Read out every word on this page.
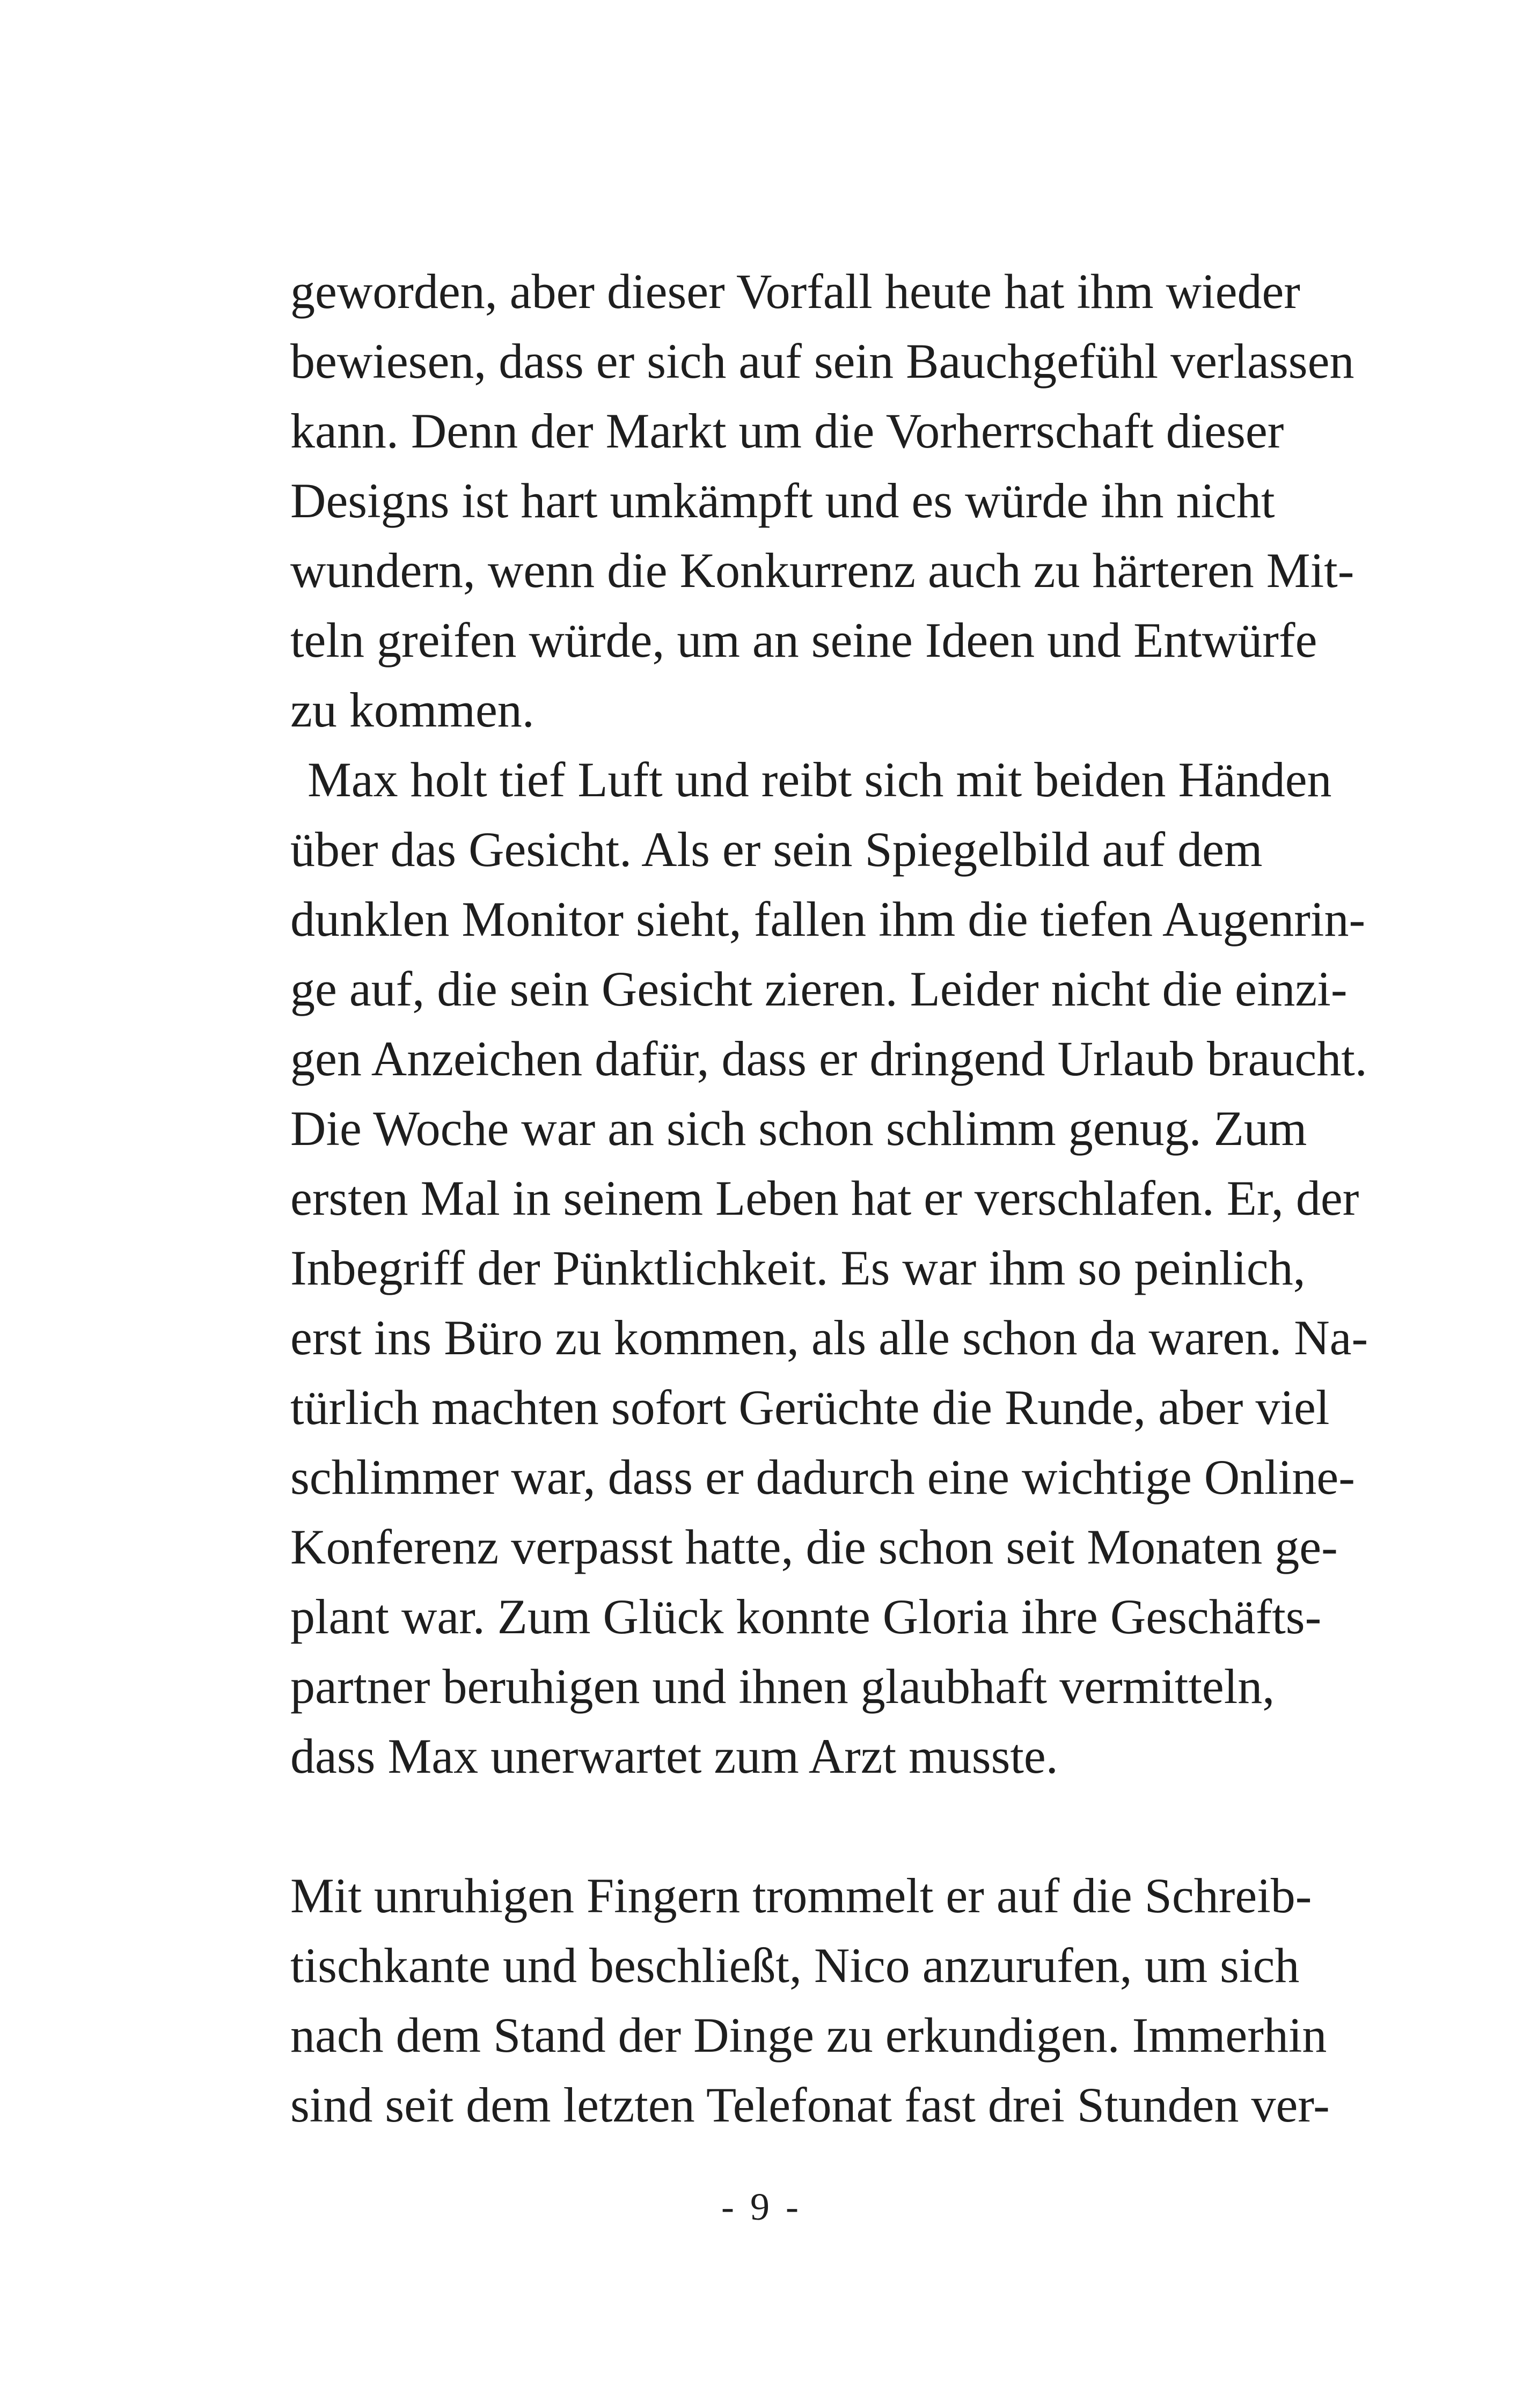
geworden, aber dieser Vorfall heute hat ihm wieder
bewiesen, dass er sich auf sein Bauchgefühl verlassen
kann. Denn der Markt um die Vorherrschaft dieser
Designs ist hart umkämpft und es würde ihn nicht
wundern, wenn die Konkurrenz auch zu härteren Mit-
teln greifen würde, um an seine Ideen und Entwürfe
zu kommen.
Max holt tief Luft und reibt sich mit beiden Händen
über das Gesicht. Als er sein Spiegelbild auf dem
dunklen Monitor sieht, fallen ihm die tiefen Augenrin-
ge auf, die sein Gesicht zieren. Leider nicht die einzi-
gen Anzeichen dafür, dass er dringend Urlaub braucht.
Die Woche war an sich schon schlimm genug. Zum
ersten Mal in seinem Leben hat er verschlafen. Er, der
Inbegriff der Pünktlichkeit. Es war ihm so peinlich,
erst ins Büro zu kommen, als alle schon da waren. Na-
türlich machten sofort Gerüchte die Runde, aber viel
schlimmer war, dass er dadurch eine wichtige Online-
Konferenz verpasst hatte, die schon seit Monaten ge-
plant war. Zum Glück konnte Gloria ihre Geschäfts-
partner beruhigen und ihnen glaubhaft vermitteln,
dass Max unerwartet zum Arzt musste.
Mit unruhigen Fingern trommelt er auf die Schreib-
tischkante und beschließt, Nico anzurufen, um sich
nach dem Stand der Dinge zu erkundigen. Immerhin
sind seit dem letzten Telefonat fast drei Stunden ver-
- 9 -
